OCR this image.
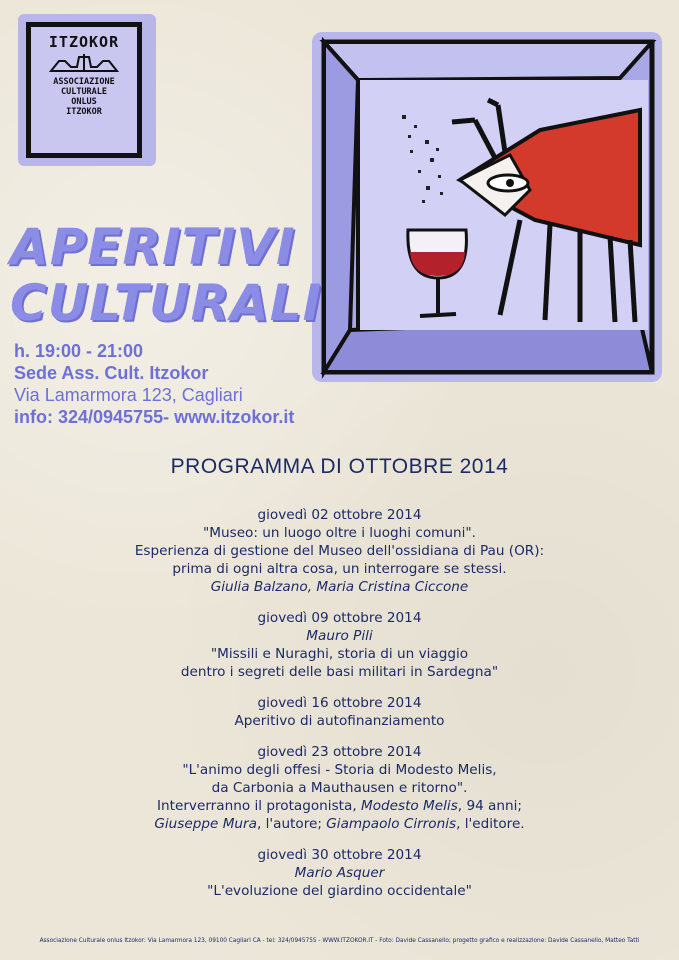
ITZOKOR
ASSOCIAZIONE
CULTURALE
ONLUS
ITZOKOR
APERITIVI
CULTURALI
h. 19:00 - 21:00
Sede Ass. Cult. Itzokor
Via Lamarmora 123, Cagliari
info: 324/0945755- www.itzokor.it
PROGRAMMA DI OTTOBRE 2014
giovedì 02 ottobre 2014
"Museo: un luogo oltre i luoghi comuni".
Esperienza di gestione del Museo dell'ossidiana di Pau (OR):
prima di ogni altra cosa, un interrogare se stessi.
Giulia Balzano, Maria Cristina Ciccone
giovedì 09 ottobre 2014
Mauro Pili
"Missili e Nuraghi, storia di un viaggio
dentro i segreti delle basi militari in Sardegna"
giovedì 16 ottobre 2014
Aperitivo di autofinanziamento
giovedì 23 ottobre 2014
"L'animo degli offesi - Storia di Modesto Melis,
da Carbonia a Mauthausen e ritorno".
Interverranno il protagonista, Modesto Melis, 94 anni;
Giuseppe Mura, l'autore; Giampaolo Cirronis, l'editore.
giovedì 30 ottobre 2014
Mario Asquer
"L'evoluzione del giardino occidentale"
Associazione Culturale onlus Itzokor: Via Lamarmora 123, 09100 Cagliari CA - tel: 324/0945755 - WWW.ITZOKOR.IT - Foto: Davide Cassanello; progetto grafico e realizzazione: Davide Cassanello, Matteo Tatti
